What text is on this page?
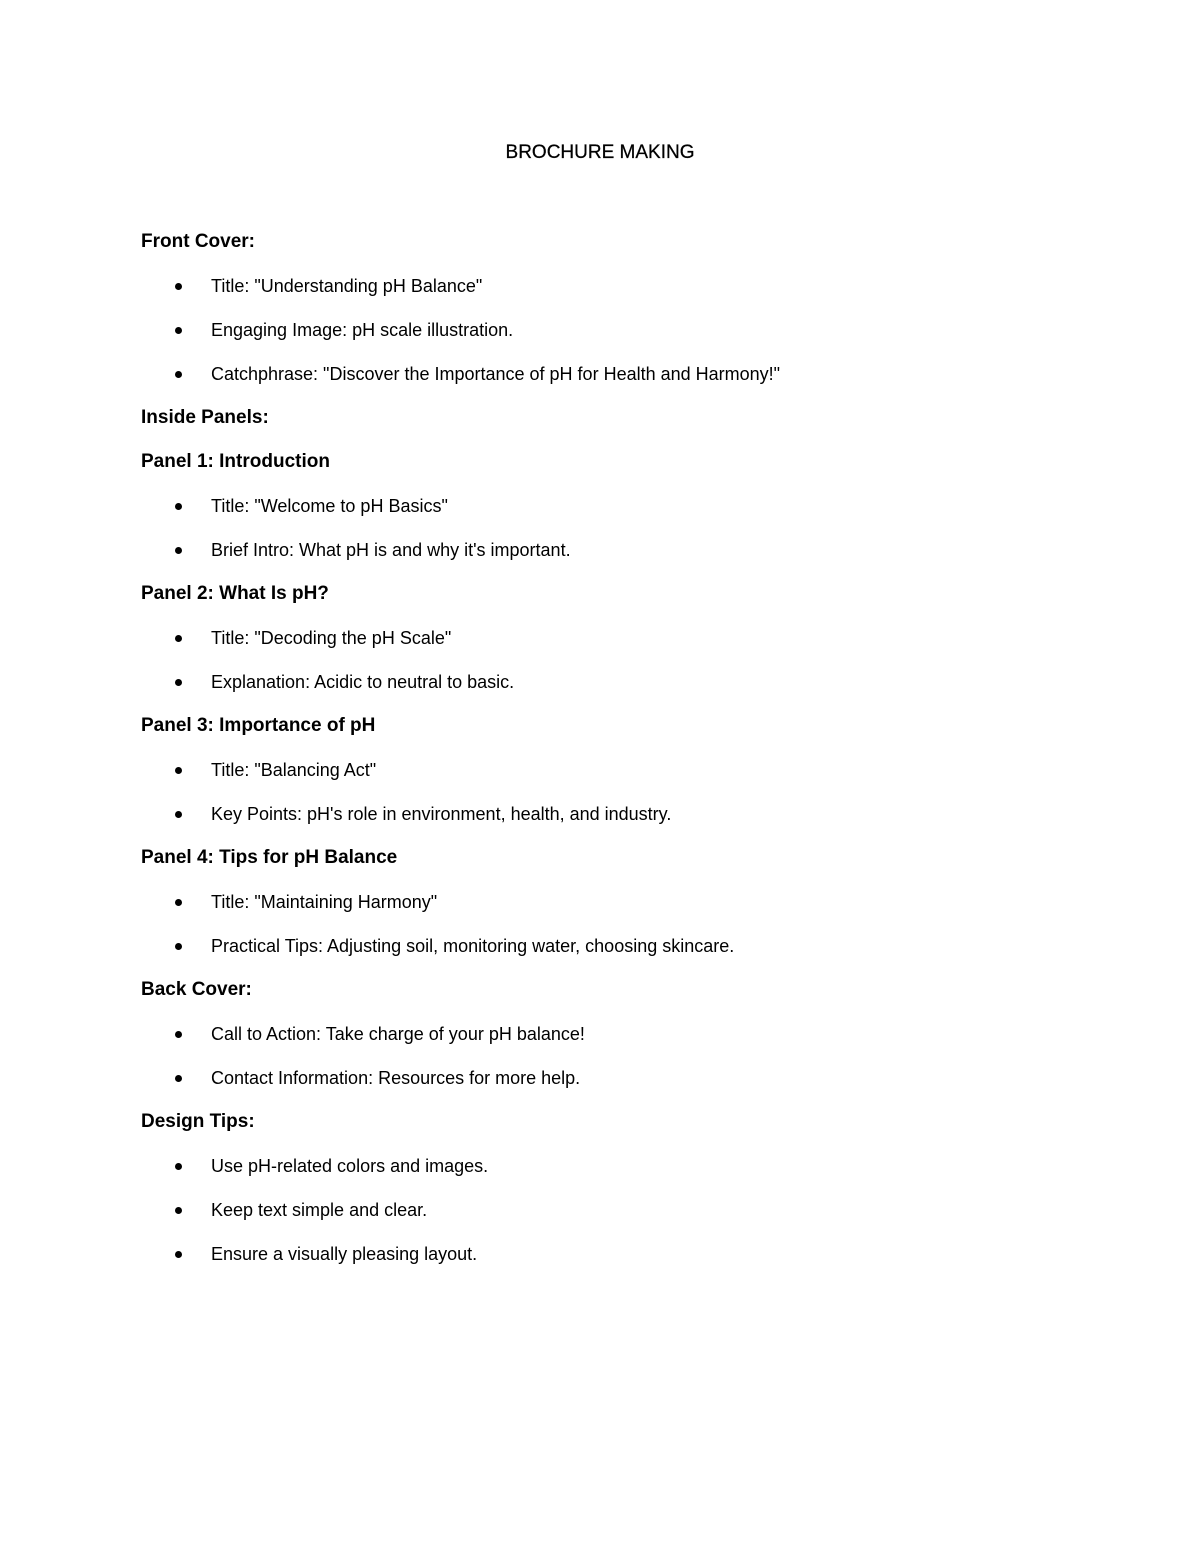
BROCHURE MAKING

Front Cover:

Title: "Understanding pH Balance"
Engaging Image: pH scale illustration.
Catchphrase: "Discover the Importance of pH for Health and Harmony!"

Inside Panels:

Panel 1: Introduction

Title: "Welcome to pH Basics"
Brief Intro: What pH is and why it's important.

Panel 2: What Is pH?

Title: "Decoding the pH Scale"
Explanation: Acidic to neutral to basic.

Panel 3: Importance of pH

Title: "Balancing Act"
Key Points: pH's role in environment, health, and industry.

Panel 4: Tips for pH Balance

Title: "Maintaining Harmony"
Practical Tips: Adjusting soil, monitoring water, choosing skincare.

Back Cover:

Call to Action: Take charge of your pH balance!
Contact Information: Resources for more help.

Design Tips:

Use pH-related colors and images.
Keep text simple and clear.
Ensure a visually pleasing layout.
